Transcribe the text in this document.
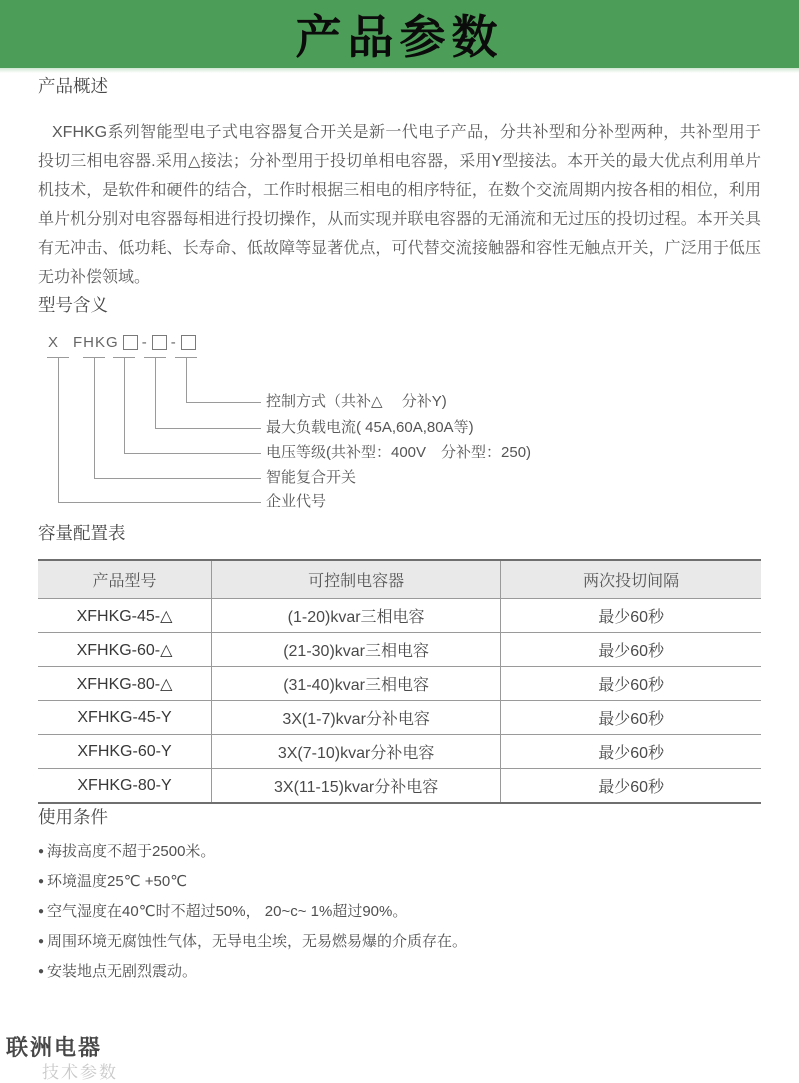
产品参数
产品概述

XFHKG系列智能型电子式电容器复合开关是新一代电子产品，分共补型和分补型两种，共补型用于投切三相电容器.采用△接法；分补型用于投切单相电容器，采用Y型接法。本开关的最大优点利用单片机技术，是软件和硬件的结合，工作时根据三相电的相序特征，在数个交流周期内按各相的相位，利用单片机分别对电容器每相进行投切操作，从而实现并联电容器的无涌流和无过压的投切过程。本开关具有无冲击、低功耗、长寿命、低故障等显著优点，可代替交流接触器和容性无触点开关，广泛用于低压无功补偿领域。

型号含义
X FHKG - -
控制方式（共补△　 分补Y)
最大负载电流( 45A,60A,80A等)
电压等级(共补型：400V　分补型：250)
智能复合开关
企业代号
容量配置表
产品型号	可控制电容器	两次投切间隔
XFHKG-45-△	(1-20)kvar三相电容	最少60秒
XFHKG-60-△	(21-30)kvar三相电容	最少60秒
XFHKG-80-△	(31-40)kvar三相电容	最少60秒
XFHKG-45-Y	3X(1-7)kvar分补电容	最少60秒
XFHKG-60-Y	3X(7-10)kvar分补电容	最少60秒
XFHKG-80-Y	3X(11-15)kvar分补电容	最少60秒
使用条件
● 海拔高度不超于2500米。
● 环境温度25℃ +50℃
● 空气湿度在40℃时不超过50%， 20~c~ 1%超过90%。
● 周围环境无腐蚀性气体，无导电尘埃，无易燃易爆的介质存在。
● 安装地点无剧烈震动。
联洲电器
技术参数
